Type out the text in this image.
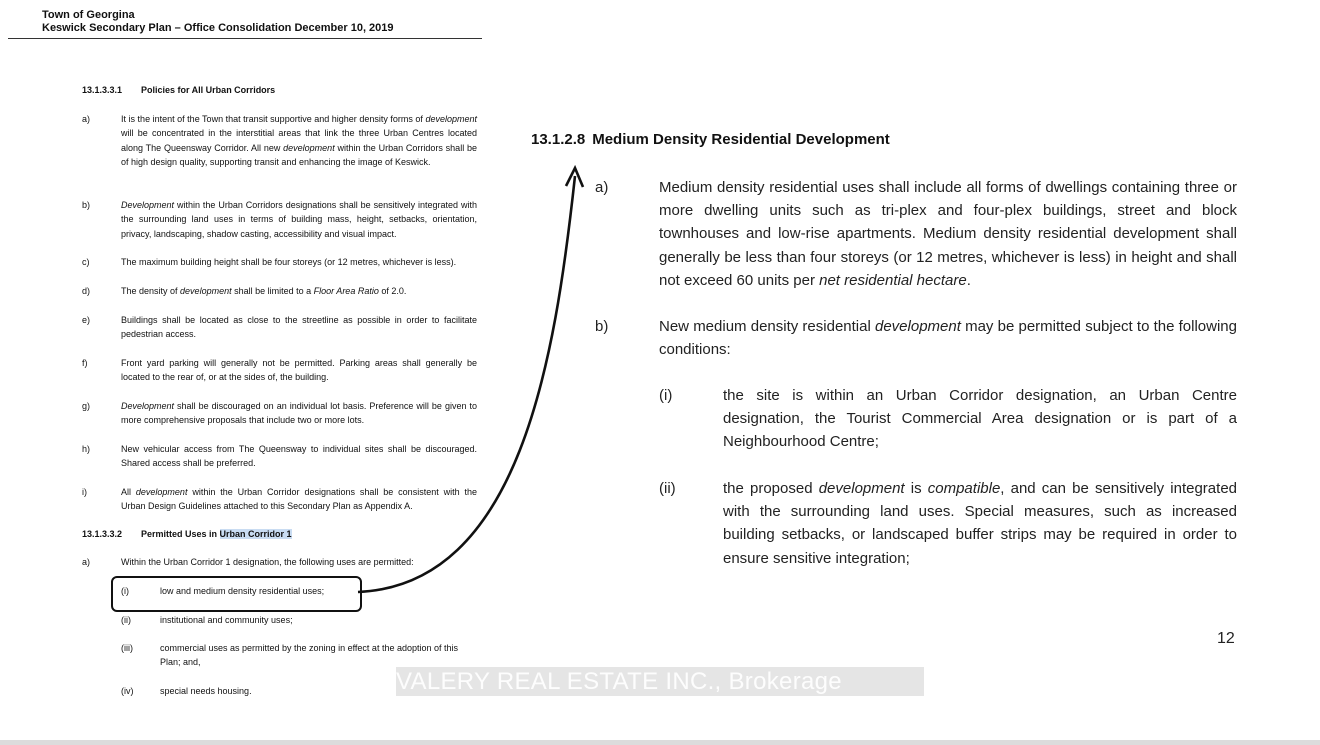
Town of Georgina
Keswick Secondary Plan – Office Consolidation December 10, 2019
13.1.3.3.1 Policies for All Urban Corridors
a)	It is the intent of the Town that transit supportive and higher density forms of development will be concentrated in the interstitial areas that link the three Urban Centres located along The Queensway Corridor. All new development within the Urban Corridors shall be of high design quality, supporting transit and enhancing the image of Keswick.
b)	Development within the Urban Corridors designations shall be sensitively integrated with the surrounding land uses in terms of building mass, height, setbacks, orientation, privacy, landscaping, shadow casting, accessibility and visual impact.
c)	The maximum building height shall be four storeys (or 12 metres, whichever is less).
d)	The density of development shall be limited to a Floor Area Ratio of 2.0.
e)	Buildings shall be located as close to the streetline as possible in order to facilitate pedestrian access.
f)	Front yard parking will generally not be permitted. Parking areas shall generally be located to the rear of, or at the sides of, the building.
g)	Development shall be discouraged on an individual lot basis. Preference will be given to more comprehensive proposals that include two or more lots.
h)	New vehicular access from The Queensway to individual sites shall be discouraged. Shared access shall be preferred.
i)	All development within the Urban Corridor designations shall be consistent with the Urban Design Guidelines attached to this Secondary Plan as Appendix A.
13.1.3.3.2 Permitted Uses in Urban Corridor 1
a)	Within the Urban Corridor 1 designation, the following uses are permitted:
(i)	low and medium density residential uses;
(ii)	institutional and community uses;
(iii)	commercial uses as permitted by the zoning in effect at the adoption of this Plan; and,
(iv)	special needs housing.
13.1.2.8 Medium Density Residential Development
a)	Medium density residential uses shall include all forms of dwellings containing three or more dwelling units such as tri-plex and four-plex buildings, street and block townhouses and low-rise apartments. Medium density residential development shall generally be less than four storeys (or 12 metres, whichever is less) in height and shall not exceed 60 units per net residential hectare.
b)	New medium density residential development may be permitted subject to the following conditions:
(i)	the site is within an Urban Corridor designation, an Urban Centre designation, the Tourist Commercial Area designation or is part of a Neighbourhood Centre;
(ii)	the proposed development is compatible, and can be sensitively integrated with the surrounding land uses. Special measures, such as increased building setbacks, or landscaped buffer strips may be required in order to ensure sensitive integration;
12
VALERY REAL ESTATE INC., Brokerage
